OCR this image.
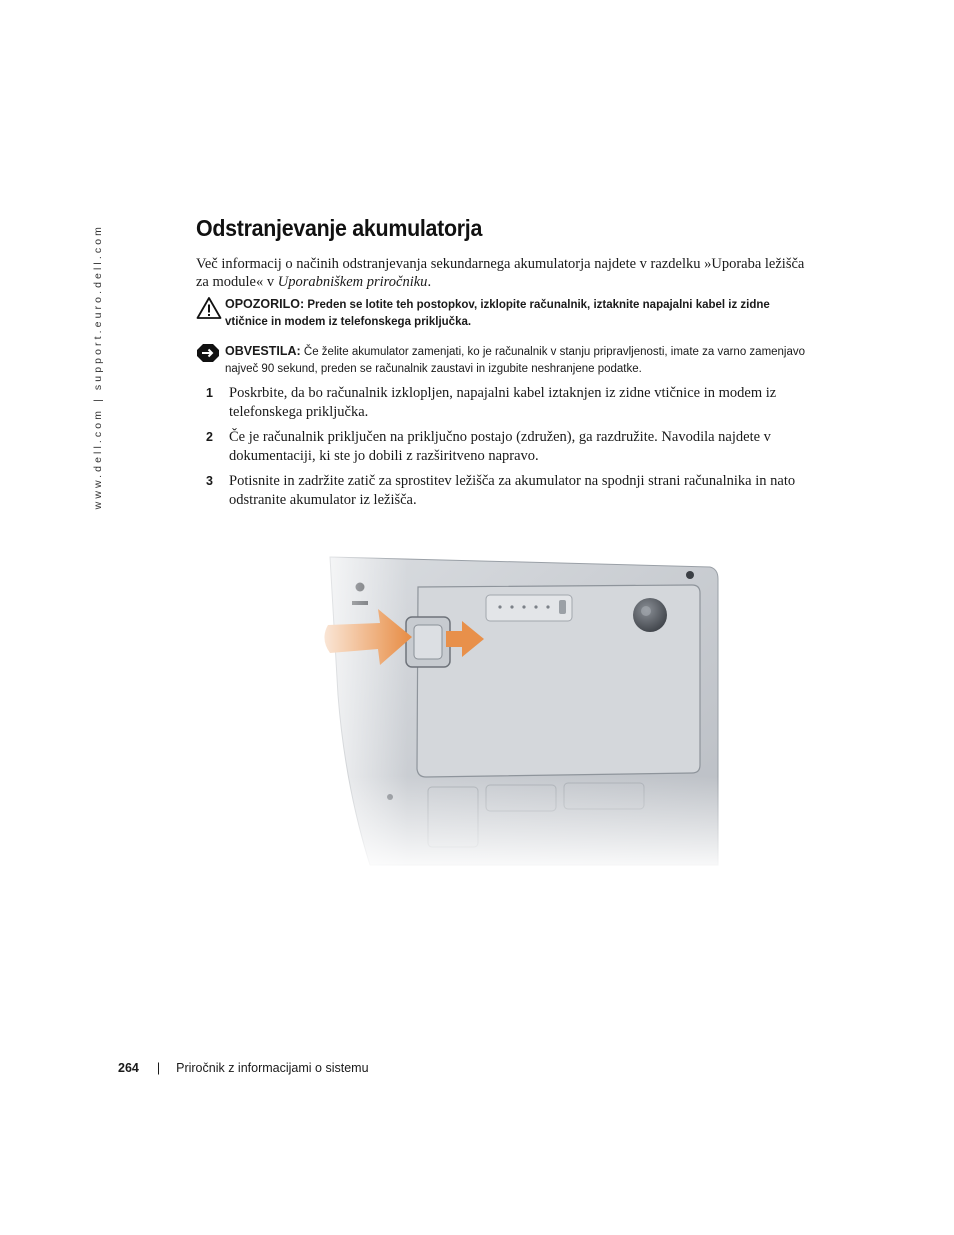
www.dell.com | support.euro.dell.com	Odstranjevanje akumulatorja

Več informacij o načinih odstranjevanja sekundarnega akumulatorja najdete v razdelku »Uporaba ležišča za module« v Uporabniškem priročniku.

OPOZORILO: Preden se lotite teh postopkov, izklopite računalnik, iztaknite napajalni kabel iz zidne vtičnice in modem iz telefonskega priključka.
OBVESTILA: Če želite akumulator zamenjati, ko je računalnik v stanju pripravljenosti, imate za varno zamenjavo največ 90 sekund, preden se računalnik zaustavi in izgubite neshranjene podatke.
1 Poskrbite, da bo računalnik izklopljen, napajalni kabel iztaknjen iz zidne vtičnice in modem iz telefonskega priključka.
2 Če je računalnik priključen na priključno postajo (združen), ga razdružite. Navodila najdete v dokumentaciji, ki ste jo dobili z razširitveno napravo.
3 Potisnite in zadržite zatič za sprostitev ležišča za akumulator na spodnji strani računalnika in nato odstranite akumulator iz ležišča.
264 | Priročnik z informacijami o sistemu
